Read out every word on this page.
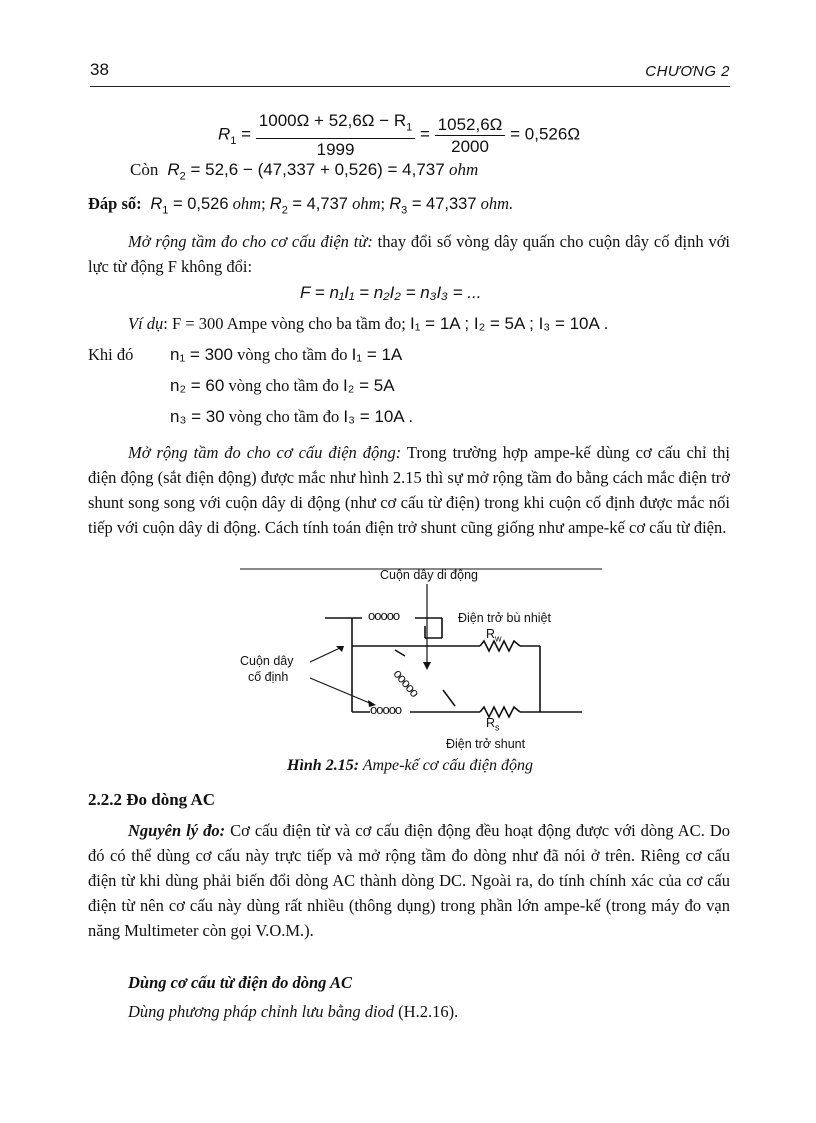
38	CHƯƠNG 2
$R_1 = \frac{1000\Omega + 52,6\Omega - R_1}{1999} = \frac{1052,6\Omega}{2000} = 0,526\Omega$
Còn $R_2 = 52,6 - (47,337 + 0,526) = 4,737$ ohm
Đáp số: $R_1 = 0,526$ ohm; $R_2 = 4,737$ ohm; $R_3 = 47,337$ ohm.
Mở rộng tầm đo cho cơ cấu điện từ: thay đổi số vòng dây quấn cho cuộn dây cố định với lực từ động F không đổi:
F = n₁I₁ = n₂I₂ = n₃I₃ = ...
Ví dụ: F = 300 Ampe vòng cho ba tầm đo; I₁ = 1A ; I₂ = 5A ; I₃ = 10A .
Khi đó n₁ = 300 vòng cho tầm đo I₁ = 1A
n₂ = 60 vòng cho tầm đo I₂ = 5A
n₃ = 30 vòng cho tầm đo I₃ = 10A .
Mở rộng tầm đo cho cơ cấu điện động: Trong trường hợp ampe-kế dùng cơ cấu chỉ thị điện động (sắt điện động) được mắc như hình 2.15 thì sự mở rộng tầm đo bằng cách mắc điện trở shunt song song với cuộn dây di động (như cơ cấu từ điện) trong khi cuộn cố định được mắc nối tiếp với cuộn dây di động. Cách tính toán điện trở shunt cũng giống như ampe-kế cơ cấu từ điện.
ooooo
ooooo
ooooo
Cuộn dây di động
Điện trở bù nhiệt
$R_w$
Cuộn dây
cố định
$R_s$
Điện trở shunt
Hình 2.15: Ampe-kế cơ cấu điện động
2.2.2 Đo dòng AC
Nguyên lý đo: Cơ cấu điện từ và cơ cấu điện động đều hoạt động được với dòng AC. Do đó có thể dùng cơ cấu này trực tiếp và mở rộng tầm đo dòng như đã nói ở trên. Riêng cơ cấu điện từ khi dùng phải biến đổi dòng AC thành dòng DC. Ngoài ra, do tính chính xác của cơ cấu điện từ nên cơ cấu này dùng rất nhiều (thông dụng) trong phần lớn ampe-kế (trong máy đo vạn năng Multimeter còn gọi V.O.M.).
Dùng cơ cấu từ điện đo dòng AC
Dùng phương pháp chỉnh lưu bằng diod (H.2.16).
